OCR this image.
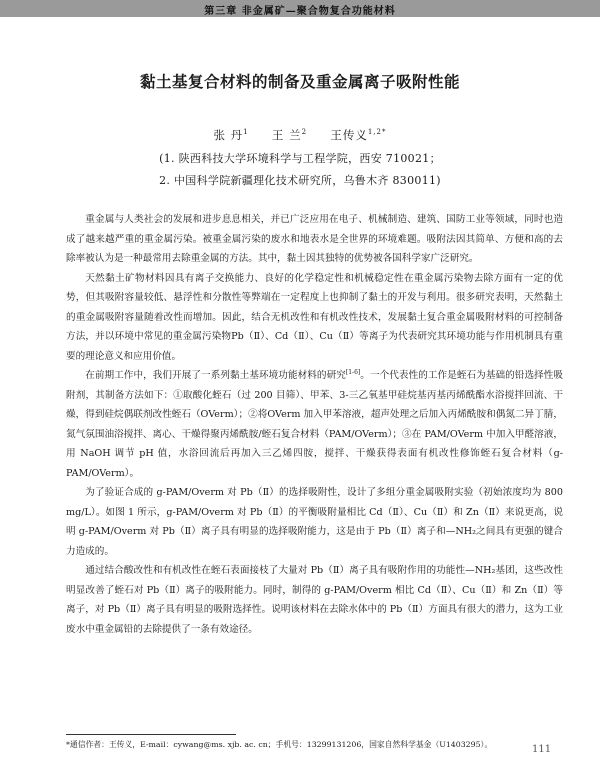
第三章 非金属矿—聚合物复合功能材料
黏土基复合材料的制备及重金属离子吸附性能
张 丹$^1$ 王 兰$^2$ 王传义$^{1,2*}$
(1. 陕西科技大学环境科学与工程学院，西安 710021；
2. 中国科学院新疆理化技术研究所，乌鲁木齐 830011)

重金属与人类社会的发展和进步息息相关，并已广泛应用在电子、机械制造、建筑、国防工业等领域，同时也造成了越来越严重的重金属污染。被重金属污染的废水和地表水是全世界的环境难题。吸附法因其简单、方便和高的去除率被认为是一种最常用去除重金属的方法。其中，黏土因其独特的优势被各国科学家广泛研究。

天然黏土矿物材料因具有离子交换能力、良好的化学稳定性和机械稳定性在重金属污染物去除方面有一定的优势，但其吸附容量较低、悬浮性和分散性等弊端在一定程度上也抑制了黏土的开发与利用。很多研究表明，天然黏土的重金属吸附容量随着改性而增加。因此，结合无机改性和有机改性技术，发展黏土复合重金属吸附材料的可控制备方法，并以环境中常见的重金属污染物Pb（Ⅱ）、Cd（Ⅱ）、Cu（Ⅱ）等离子为代表研究其环境功能与作用机制具有重要的理论意义和应用价值。

在前期工作中，我们开展了一系列黏土基环境功能材料的研究[1-6]。一个代表性的工作是蛭石为基础的铅选择性吸附剂，其制备方法如下：①取酸化蛭石（过 200 目筛）、甲苯、3-三乙氧基甲硅烷基丙基丙烯酰酯水浴搅拌回流、干燥，得到硅烷偶联剂改性蛭石（OVerm）；②将OVerm 加入甲苯溶液，超声处理之后加入丙烯酰胺和偶氮二异丁腈，氮气氛围油浴搅拌、离心、干燥得聚丙烯酰胺/蛭石复合材料（PAM/OVerm）；③在 PAM/OVerm 中加入甲醛溶液，用 NaOH 调节 pH 值，水浴回流后再加入三乙烯四胺，搅拌、干燥获得表面有机改性修饰蛭石复合材料（g-PAM/OVerm）。

为了验证合成的 g-PAM/Overm 对 Pb（Ⅱ）的选择吸附性，设计了多组分重金属吸附实验（初始浓度均为 800 mg/L）。如图 1 所示，g-PAM/Overm 对 Pb（Ⅱ）的平衡吸附量相比 Cd（Ⅱ）、Cu（Ⅱ）和 Zn（Ⅱ）来说更高，说明 g-PAM/Overm 对 Pb（Ⅱ）离子具有明显的选择吸附能力，这是由于 Pb（Ⅱ）离子和—NH₂之间具有更强的键合力造成的。

通过结合酸改性和有机改性在蛭石表面接枝了大量对 Pb（Ⅱ）离子具有吸附作用的功能性—NH₂基团，这些改性明显改善了蛭石对 Pb（Ⅱ）离子的吸附能力。同时，制得的 g-PAM/Overm 相比 Cd（Ⅱ）、Cu（Ⅱ）和 Zn（Ⅱ）等离子，对 Pb（Ⅱ）离子具有明显的吸附选择性。说明该材料在去除水体中的 Pb（Ⅱ）方面具有很大的潜力，这为工业废水中重金属铅的去除提供了一条有效途径。

*通信作者：王传义，E-mail：cywang@ms. xjb. ac. cn；手机号：13299131206，国家自然科学基金（U1403295）。	111
